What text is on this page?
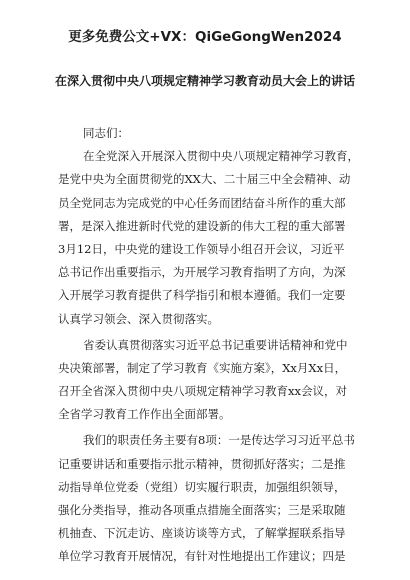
更多免费公文+VX：QiGeGongWen2024
在深入贯彻中央八项规定精神学习教育动员大会上的讲话
同志们：
在全党深入开展深入贯彻中央八项规定精神学习教育，
是党中央为全面贯彻党的XX大、二十届三中全会精神、动
员全党同志为完成党的中心任务而团结奋斗所作的重大部
署，是深入推进新时代党的建设新的伟大工程的重大部署
3月12日，中央党的建设工作领导小组召开会议，习近平
总书记作出重要指示，为开展学习教育指明了方向，为深
入开展学习教育提供了科学指引和根本遵循。我们一定要
认真学习领会、深入贯彻落实。
省委认真贯彻落实习近平总书记重要讲话精神和党中
央决策部署，制定了学习教育《实施方案》，Xx月Xx日，
召开全省深入贯彻中央八项规定精神学习教育xx会议，对
全省学习教育工作作出全面部署。
我们的职责任务主要有8项：一是传达学习习近平总书
记重要讲话和重要指示批示精神，贯彻抓好落实；二是推
动指导单位党委（党组）切实履行职责，加强组织领导，
强化分类指导，推动各项重点措施全面落实；三是采取随
机抽查、下沉走访、座谈访谈等方式，了解掌握联系指导
单位学习教育开展情况，有针对性地提出工作建议；四是
